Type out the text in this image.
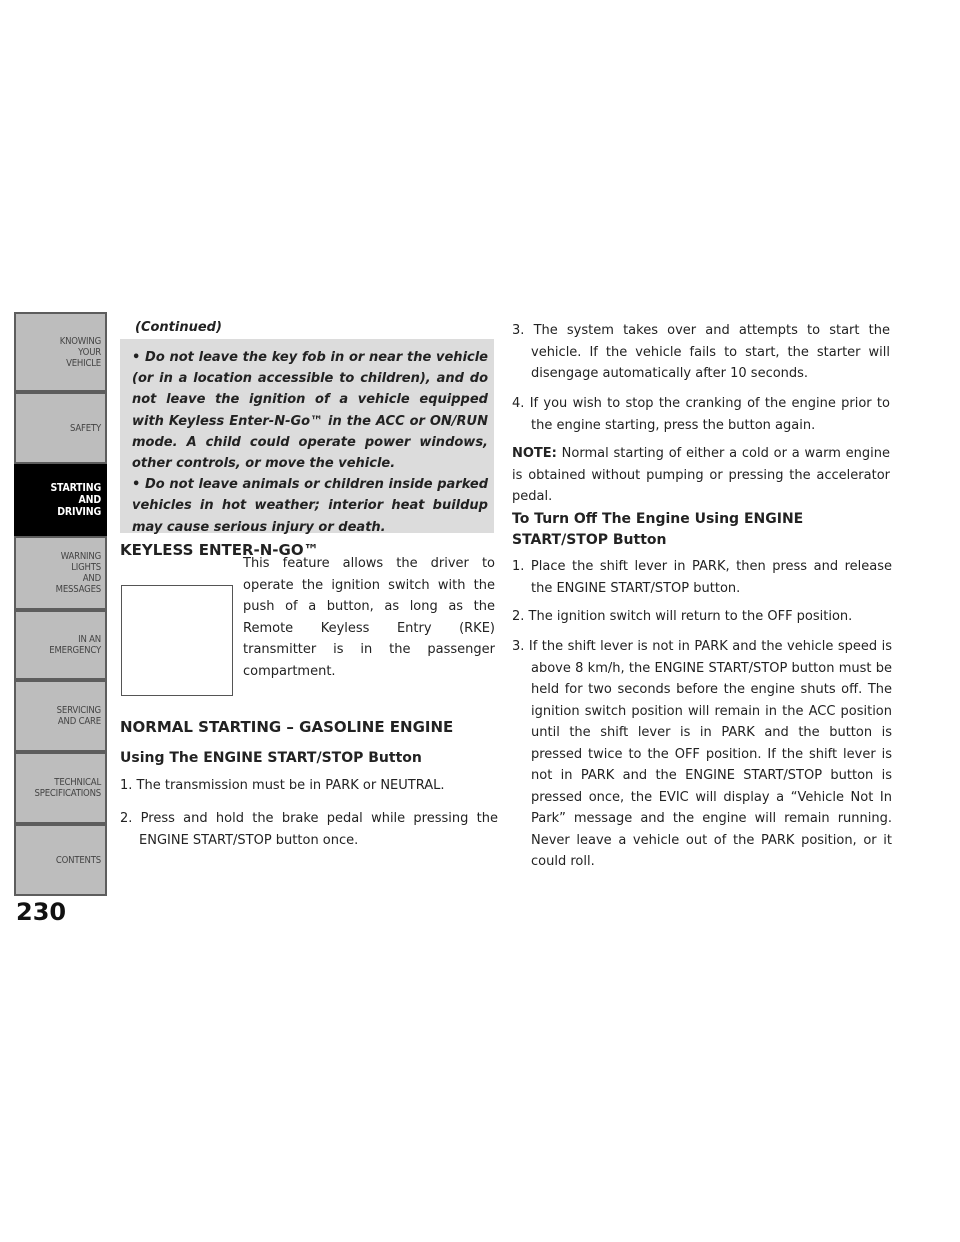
KNOWING
YOUR
VEHICLE
SAFETY
STARTING
AND
DRIVING
WARNING
LIGHTS
AND
MESSAGES
IN AN
EMERGENCY
SERVICING
AND CARE
TECHNICAL
SPECIFICATIONS
CONTENTS
230
(Continued)

• Do not leave the key fob in or near the vehicle (or in a location accessible to children), and do not leave the ignition of a vehicle equipped with Keyless Enter-N-Go™ in the ACC or ON/RUN mode. A child could operate power windows, other controls, or move the vehicle.

• Do not leave animals or children inside parked vehicles in hot weather; interior heat buildup may cause serious injury or death.

KEYLESS ENTER-N-GO™
This feature allows the driver to operate the ignition switch with the push of a button, as long as the Remote Keyless Entry (RKE) transmitter is in the passenger compartment.
NORMAL STARTING – GASOLINE ENGINE
Using The ENGINE START/STOP Button
1. The transmission must be in PARK or NEUTRAL.
2. Press and hold the brake pedal while pressing the ENGINE START/STOP button once.
3. The system takes over and attempts to start the vehicle. If the vehicle fails to start, the starter will disengage automatically after 10 seconds.
4. If you wish to stop the cranking of the engine prior to the engine starting, press the button again.
NOTE: Normal starting of either a cold or a warm engine is obtained without pumping or pressing the accelerator pedal.
To Turn Off The Engine Using ENGINE START/STOP Button
1. Place the shift lever in PARK, then press and release the ENGINE START/STOP button.
2. The ignition switch will return to the OFF position.
3. If the shift lever is not in PARK and the vehicle speed is above 8 km/h, the ENGINE START/STOP button must be held for two seconds before the engine shuts off. The ignition switch position will remain in the ACC position until the shift lever is in PARK and the button is pressed twice to the OFF position. If the shift lever is not in PARK and the ENGINE START/STOP button is pressed once, the EVIC will display a “Vehicle Not In Park” message and the engine will remain running. Never leave a vehicle out of the PARK position, or it could roll.
